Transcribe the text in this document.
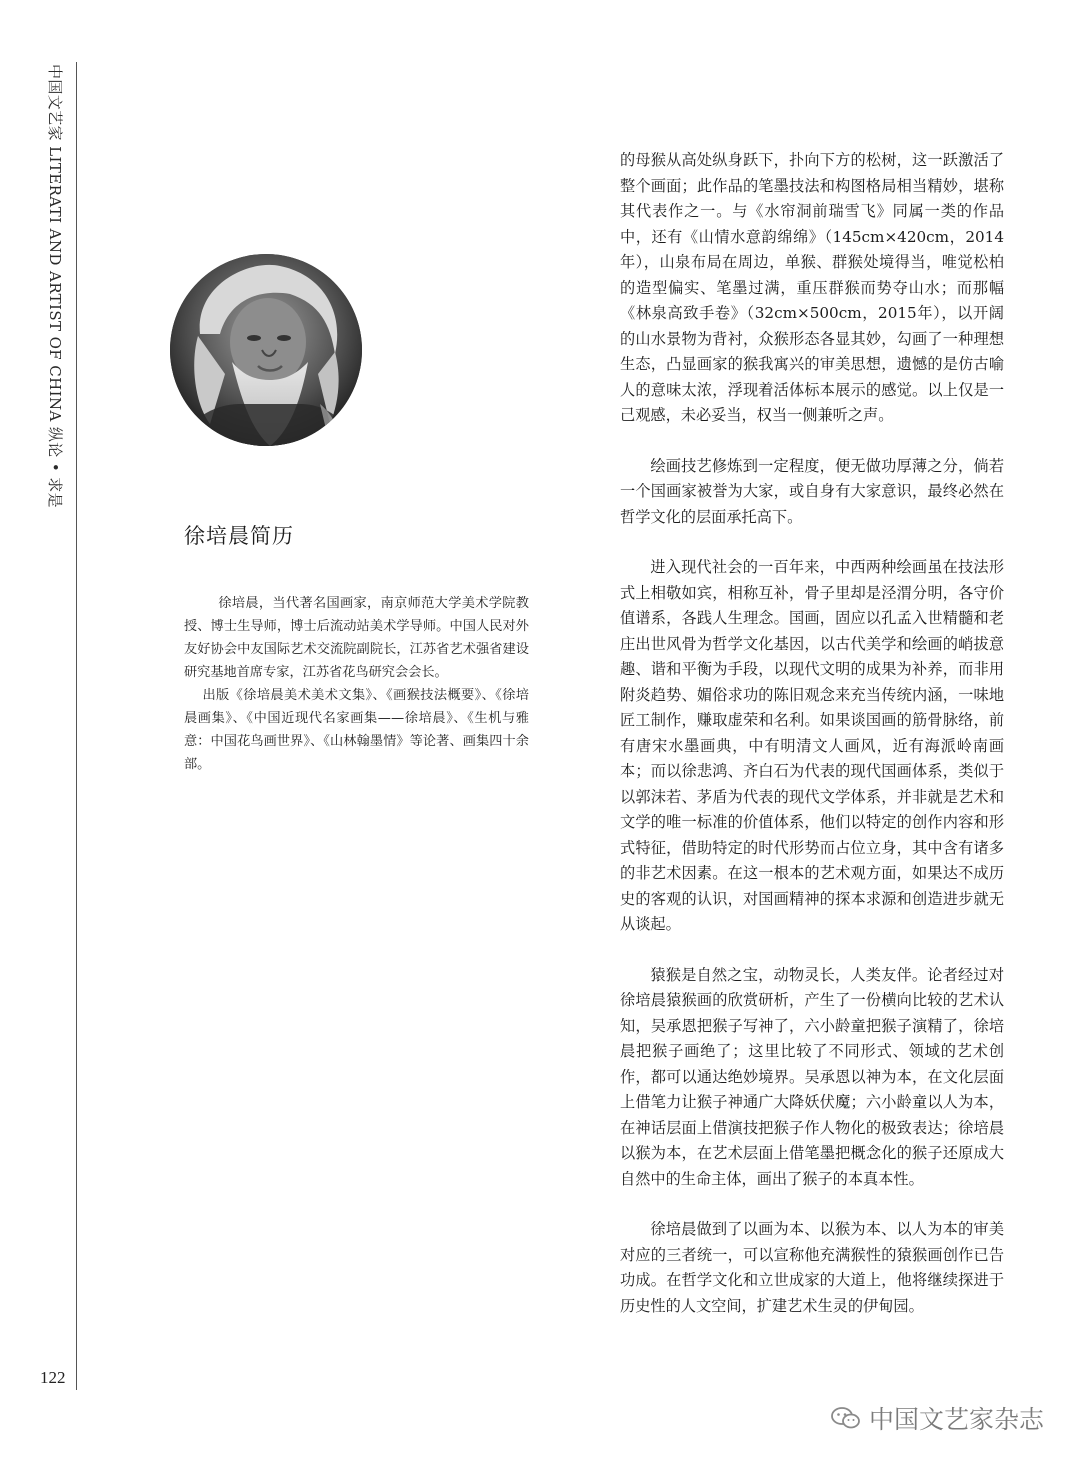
中国文艺家 LITERATI AND ARTIST OF CHINA 纵论 • 求是
122
徐培晨简历

徐培晨，当代著名国画家，南京师范大学美术学院教授、博士生导师，博士后流动站美术学导师。中国人民对外友好协会中友国际艺术交流院副院长，江苏省艺术强省建设研究基地首席专家，江苏省花鸟研究会会长。

出版《徐培晨美术美术文集》、《画猴技法概要》、《徐培晨画集》、《中国近现代名家画集——徐培晨》、《生机与雅意：中国花鸟画世界》、《山林翰墨情》等论著、画集四十余部。

的母猴从高处纵身跃下，扑向下方的松树，这一跃激活了整个画面；此作品的笔墨技法和构图格局相当精妙，堪称其代表作之一。与《水帘洞前瑞雪飞》同属一类的作品中，还有《山情水意韵绵绵》（145cm×420cm，2014年），山泉布局在周边，单猴、群猴处境得当，唯觉松柏的造型偏实、笔墨过满，重压群猴而势夺山水；而那幅《林泉高致手卷》（32cm×500cm，2015年），以开阔的山水景物为背衬，众猴形态各显其妙，勾画了一种理想生态，凸显画家的猴我寓兴的审美思想，遗憾的是仿古喻人的意味太浓，浮现着活体标本展示的感觉。以上仅是一己观感，未必妥当，权当一侧兼听之声。

绘画技艺修炼到一定程度，便无做功厚薄之分，倘若一个国画家被誉为大家，或自身有大家意识，最终必然在哲学文化的层面承托高下。

进入现代社会的一百年来，中西两种绘画虽在技法形式上相敬如宾，相称互补，骨子里却是泾渭分明，各守价值谱系，各践人生理念。国画，固应以孔孟入世精髓和老庄出世风骨为哲学文化基因，以古代美学和绘画的峭拔意趣、谐和平衡为手段，以现代文明的成果为补养，而非用附炎趋势、媚俗求功的陈旧观念来充当传统内涵，一味地匠工制作，赚取虚荣和名利。如果谈国画的筋骨脉络，前有唐宋水墨画典，中有明清文人画风，近有海派岭南画本；而以徐悲鸿、齐白石为代表的现代国画体系，类似于以郭沫若、茅盾为代表的现代文学体系，并非就是艺术和文学的唯一标准的价值体系，他们以特定的创作内容和形式特征，借助特定的时代形势而占位立身，其中含有诸多的非艺术因素。在这一根本的艺术观方面，如果达不成历史的客观的认识，对国画精神的探本求源和创造进步就无从谈起。

猿猴是自然之宝，动物灵长，人类友伴。论者经过对徐培晨猿猴画的欣赏研析，产生了一份横向比较的艺术认知，吴承恩把猴子写神了，六小龄童把猴子演精了，徐培晨把猴子画绝了；这里比较了不同形式、领域的艺术创作，都可以通达绝妙境界。吴承恩以神为本，在文化层面上借笔力让猴子神通广大降妖伏魔；六小龄童以人为本，在神话层面上借演技把猴子作人物化的极致表达；徐培晨以猴为本，在艺术层面上借笔墨把概念化的猴子还原成大自然中的生命主体，画出了猴子的本真本性。

徐培晨做到了以画为本、以猴为本、以人为本的审美对应的三者统一，可以宣称他充满猴性的猿猴画创作已告功成。在哲学文化和立世成家的大道上，他将继续探进于历史性的人文空间，扩建艺术生灵的伊甸园。

中国文艺家杂志
